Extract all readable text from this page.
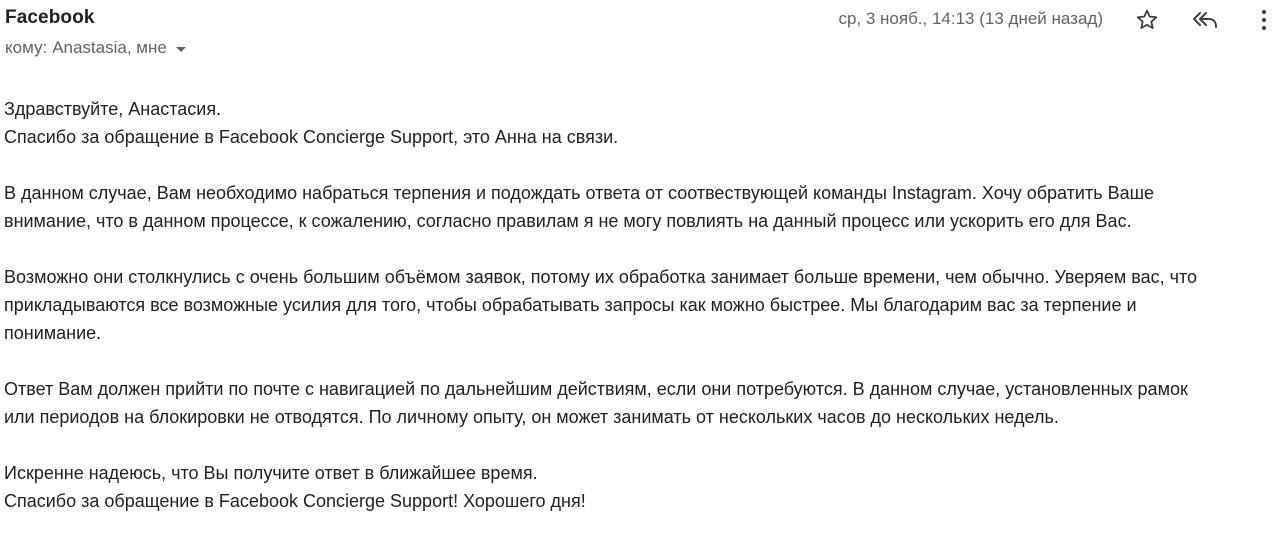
Facebook
кому: Anastasia, мне
ср, 3 нояб., 14:13 (13 дней назад)

Здравствуйте, Анастасия.
Спасибо за обращение в Facebook Concierge Support, это Анна на связи.

В данном случае, Вам необходимо набраться терпения и подождать ответа от соотвествующей команды Instagram. Хочу обратить Ваше
внимание, что в данном процессе, к сожалению, согласно правилам я не могу повлиять на данный процесс или ускорить его для Вас.

Возможно они столкнулись с очень большим объёмом заявок, потому их обработка занимает больше времени, чем обычно. Уверяем вас, что
прикладываются все возможные усилия для того, чтобы обрабатывать запросы как можно быстрее. Мы благодарим вас за терпение и
понимание.

Ответ Вам должен прийти по почте с навигацией по дальнейшим действиям, если они потребуются. В данном случае, установленных рамок
или периодов на блокировки не отводятся. По личному опыту, он может занимать от нескольких часов до нескольких недель.

Искренне надеюсь, что Вы получите ответ в ближайшее время.
Спасибо за обращение в Facebook Concierge Support! Хорошего дня!
